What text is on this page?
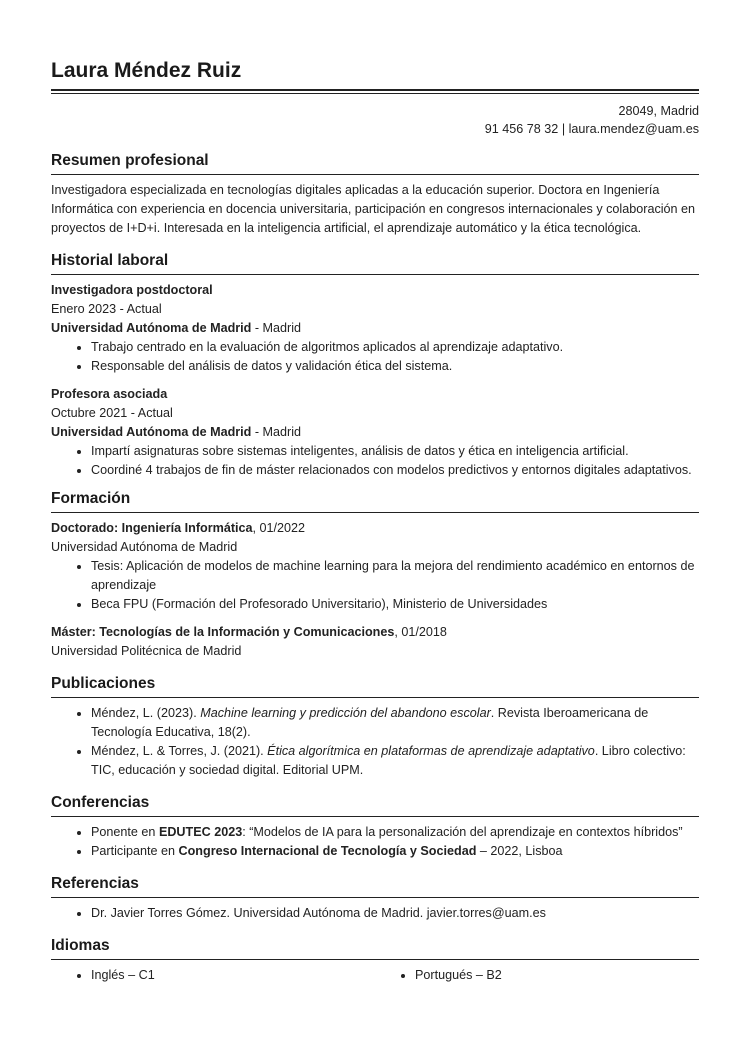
Laura Méndez Ruiz
28049, Madrid
91 456 78 32 | laura.mendez@uam.es
Resumen profesional

Investigadora especializada en tecnologías digitales aplicadas a la educación superior. Doctora en Ingeniería Informática con experiencia en docencia universitaria, participación en congresos internacionales y colaboración en proyectos de I+D+i. Interesada en la inteligencia artificial, el aprendizaje automático y la ética tecnológica.

Historial laboral
Investigadora postdoctoral
Enero 2023 - Actual
Universidad Autónoma de Madrid - Madrid
• Trabajo centrado en la evaluación de algoritmos aplicados al aprendizaje adaptativo.
• Responsable del análisis de datos y validación ética del sistema.
Profesora asociada
Octubre 2021 - Actual
Universidad Autónoma de Madrid - Madrid
• Impartí asignaturas sobre sistemas inteligentes, análisis de datos y ética en inteligencia artificial.
• Coordiné 4 trabajos de fin de máster relacionados con modelos predictivos y entornos digitales adaptativos.
Formación
Doctorado: Ingeniería Informática, 01/2022
Universidad Autónoma de Madrid
• Tesis: Aplicación de modelos de machine learning para la mejora del rendimiento académico en entornos de aprendizaje
• Beca FPU (Formación del Profesorado Universitario), Ministerio de Universidades
Máster: Tecnologías de la Información y Comunicaciones, 01/2018
Universidad Politécnica de Madrid
Publicaciones
• Méndez, L. (2023). Machine learning y predicción del abandono escolar. Revista Iberoamericana de Tecnología Educativa, 18(2).
• Méndez, L. & Torres, J. (2021). Ética algorítmica en plataformas de aprendizaje adaptativo. Libro colectivo: TIC, educación y sociedad digital. Editorial UPM.
Conferencias
• Ponente en EDUTEC 2023: “Modelos de IA para la personalización del aprendizaje en contextos híbridos”
• Participante en Congreso Internacional de Tecnología y Sociedad – 2022, Lisboa
Referencias
• Dr. Javier Torres Gómez. Universidad Autónoma de Madrid. javier.torres@uam.es
Idiomas
• Inglés – C1
•	Portugués – B2
